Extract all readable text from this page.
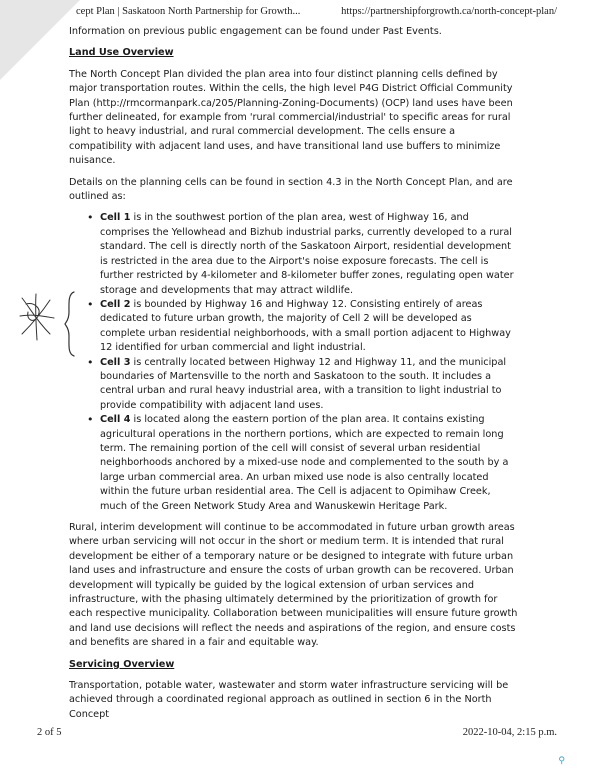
cept Plan | Saskatoon North Partnership for Growth...	https://partnershipforgrowth.ca/north-concept-plan/

Information on previous public engagement can be found under Past Events.

Land Use Overview

The North Concept Plan divided the plan area into four distinct planning cells defined by major transportation routes. Within the cells, the high level P4G District Official Community Plan (http://rmcormanpark.ca/205/Planning-Zoning-Documents) (OCP) land uses have been further delineated, for example from 'rural commercial/industrial' to specific areas for rural light to heavy industrial, and rural commercial development. The cells ensure a compatibility with adjacent land uses, and have transitional land use buffers to minimize nuisance.

Details on the planning cells can be found in section 4.3 in the North Concept Plan, and are outlined as:

• Cell 1 is in the southwest portion of the plan area, west of Highway 16, and comprises the Yellowhead and Bizhub industrial parks, currently developed to a rural standard. The cell is directly north of the Saskatoon Airport, residential development is restricted in the area due to the Airport's noise exposure forecasts. The cell is further restricted by 4-kilometer and 8-kilometer buffer zones, regulating open water storage and developments that may attract wildlife.
• Cell 2 is bounded by Highway 16 and Highway 12. Consisting entirely of areas dedicated to future urban growth, the majority of Cell 2 will be developed as complete urban residential neighborhoods, with a small portion adjacent to Highway 12 identified for urban commercial and light industrial.
• Cell 3 is centrally located between Highway 12 and Highway 11, and the municipal boundaries of Martensville to the north and Saskatoon to the south. It includes a central urban and rural heavy industrial area, with a transition to light industrial to provide compatibility with adjacent land uses.
• Cell 4 is located along the eastern portion of the plan area. It contains existing agricultural operations in the northern portions, which are expected to remain long term. The remaining portion of the cell will consist of several urban residential neighborhoods anchored by a mixed-use node and complemented to the south by a large urban commercial area. An urban mixed use node is also centrally located within the future urban residential area. The Cell is adjacent to Opimihaw Creek, much of the Green Network Study Area and Wanuskewin Heritage Park.

Rural, interim development will continue to be accommodated in future urban growth areas where urban servicing will not occur in the short or medium term. It is intended that rural development be either of a temporary nature or be designed to integrate with future urban land uses and infrastructure and ensure the costs of urban growth can be recovered. Urban development will typically be guided by the logical extension of urban services and infrastructure, with the phasing ultimately determined by the prioritization of growth for each respective municipality. Collaboration between municipalities will ensure future growth and land use decisions will reflect the needs and aspirations of the region, and ensure costs and benefits are shared in a fair and equitable way.

Servicing Overview

Transportation, potable water, wastewater and storm water infrastructure servicing will be achieved through a coordinated regional approach as outlined in section 6 in the North Concept

2 of 5	2022-10-04, 2:15 p.m.
⚲
